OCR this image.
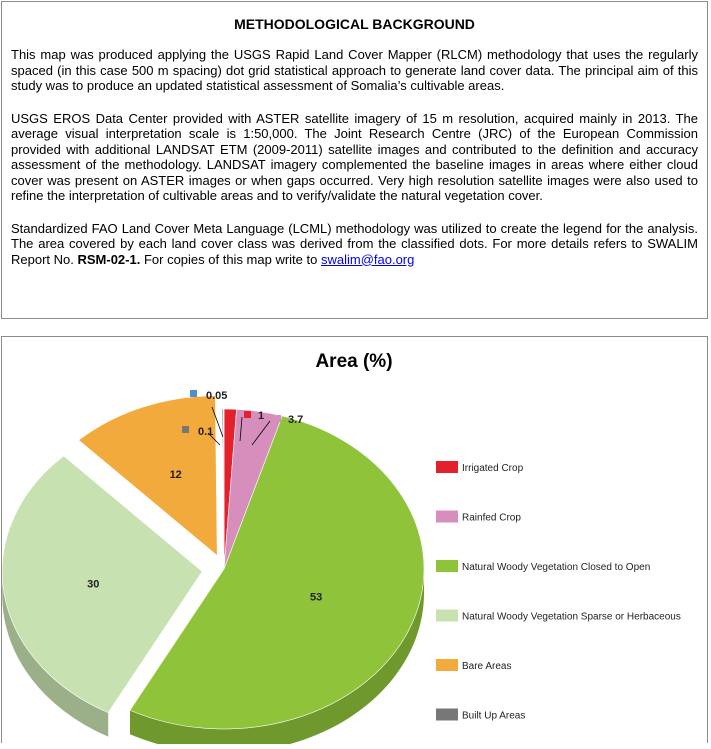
METHODOLOGICAL BACKGROUND

This map was produced applying the USGS Rapid Land Cover Mapper (RLCM) methodology that uses the regularly spaced (in this case 500 m spacing) dot grid statistical approach to generate land cover data. The principal aim of this study was to produce an updated statistical assessment of Somalia’s cultivable areas.

USGS EROS Data Center provided with ASTER satellite imagery of 15 m resolution, acquired mainly in 2013. The average visual interpretation scale is 1:50,000. The Joint Research Centre (JRC) of the European Commission provided with additional LANDSAT ETM (2009-2011) satellite images and contributed to the definition and accuracy assessment of the methodology. LANDSAT imagery complemented the baseline images in areas where either cloud cover was present on ASTER images or when gaps occurred. Very high resolution satellite images were also used to refine the interpretation of cultivable areas and to verify/validate the natural vegetation cover.

Standardized FAO Land Cover Meta Language (LCML) methodology was utilized to create the legend for the analysis. The area covered by each land cover class was derived from the classified dots. For more details refers to SWALIM Report No. RSM-02-1. For copies of this map write to swalim@fao.org

Area (%)
1 3.7
53
30
12
0.1
0.05
Irrigated Crop
Rainfed Crop
Natural Woody Vegetation Closed to Open
Natural Woody Vegetation Sparse or Herbaceous
Bare Areas
Built Up Areas
